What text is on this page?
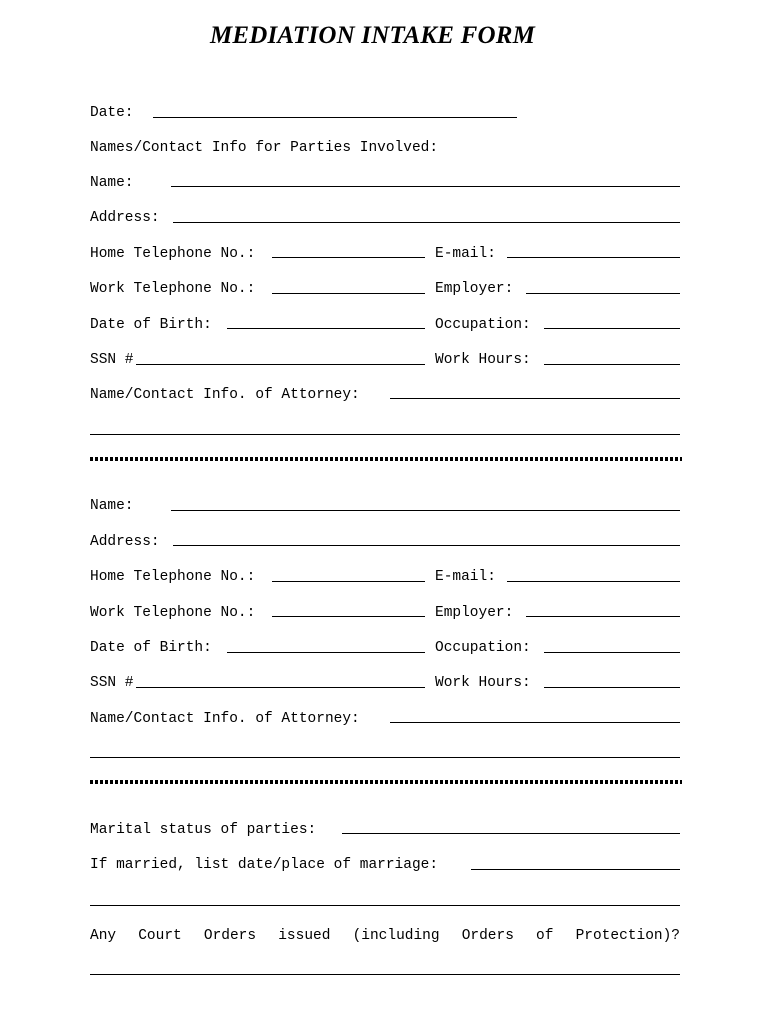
MEDIATION INTAKE FORM
Date:
Names/Contact Info for Parties Involved:
Name:
Address:
Home Telephone No.:	E-mail:
Work Telephone No.:	Employer:
Date of Birth:	Occupation:
SSN #	Work Hours:
Name/Contact Info. of Attorney:
Name:
Address:
Home Telephone No.:	E-mail:
Work Telephone No.:	Employer:
Date of Birth:	Occupation:
SSN #	Work Hours:
Name/Contact Info. of Attorney:
Marital status of parties:
If married, list date/place of marriage:
Any Court Orders issued (including Orders of Protection)?
